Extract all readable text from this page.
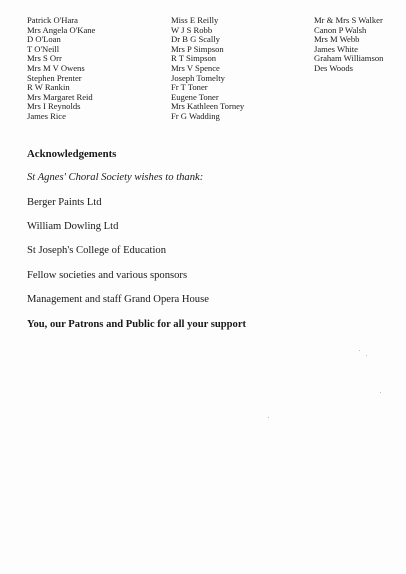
Patrick O'Hara
Mrs Angela O'Kane
D O'Loan
T O'Neill
Mrs S Orr
Mrs M V Owens
Stephen Prenter
R W Rankin
Mrs Margaret Reid
Mrs I Reynolds
James Rice
Miss E Reilly
W J S Robb
Dr B G Scally
Mrs P Simpson
R T Simpson
Mrs V Spence
Joseph Tomelty
Fr T Toner
Eugene Toner
Mrs Kathleen Torney
Fr G Wadding
Mr & Mrs S Walker
Canon P Walsh
Mrs M Webb
James White
Graham Williamson
Des Woods
Acknowledgements
St Agnes' Choral Society wishes to thank:
Berger Paints Ltd
William Dowling Ltd
St Joseph's College of Education
Fellow societies and various sponsors
Management and staff Grand Opera House
You, our Patrons and Public for all your support
